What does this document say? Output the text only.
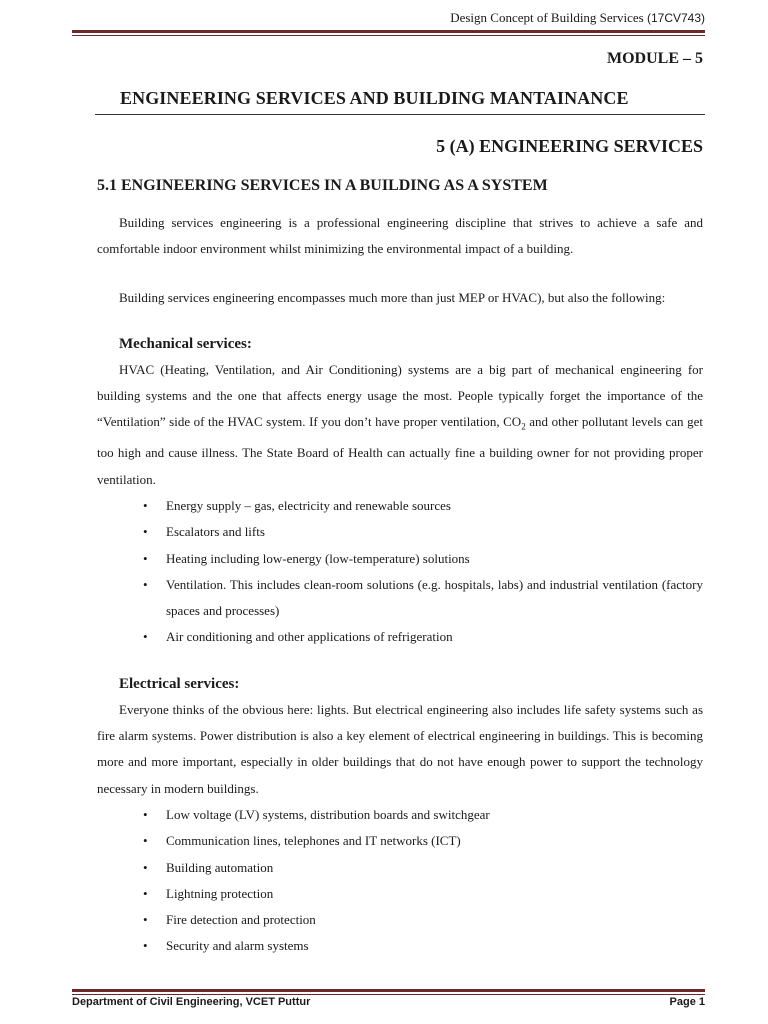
Design Concept of Building Services (17CV743)
MODULE – 5
ENGINEERING SERVICES AND BUILDING MANTAINANCE
5 (A) ENGINEERING SERVICES
5.1 ENGINEERING SERVICES IN A BUILDING AS A SYSTEM

Building services engineering is a professional engineering discipline that strives to achieve a safe and comfortable indoor environment whilst minimizing the environmental impact of a building.

Building services engineering encompasses much more than just MEP or HVAC), but also the following:

Mechanical services:

HVAC (Heating, Ventilation, and Air Conditioning) systems are a big part of mechanical engineering for building systems and the one that affects energy usage the most. People typically forget the importance of the “Ventilation” side of the HVAC system. If you don’t have proper ventilation, $CO_2$ and other pollutant levels can get too high and cause illness. The State Board of Health can actually fine a building owner for not providing proper ventilation.

• Energy supply – gas, electricity and renewable sources
• Escalators and lifts
• Heating including low-energy (low-temperature) solutions
• Ventilation. This includes clean-room solutions (e.g. hospitals, labs) and industrial ventilation (factory spaces and processes)
• Air conditioning and other applications of refrigeration
Electrical services:

Everyone thinks of the obvious here: lights. But electrical engineering also includes life safety systems such as fire alarm systems. Power distribution is also a key element of electrical engineering in buildings. This is becoming more and more important, especially in older buildings that do not have enough power to support the technology necessary in modern buildings.

• Low voltage (LV) systems, distribution boards and switchgear
• Communication lines, telephones and IT networks (ICT)
• Building automation
• Lightning protection
• Fire detection and protection
• Security and alarm systems
Department of Civil Engineering, VCET Puttur	Page 1
